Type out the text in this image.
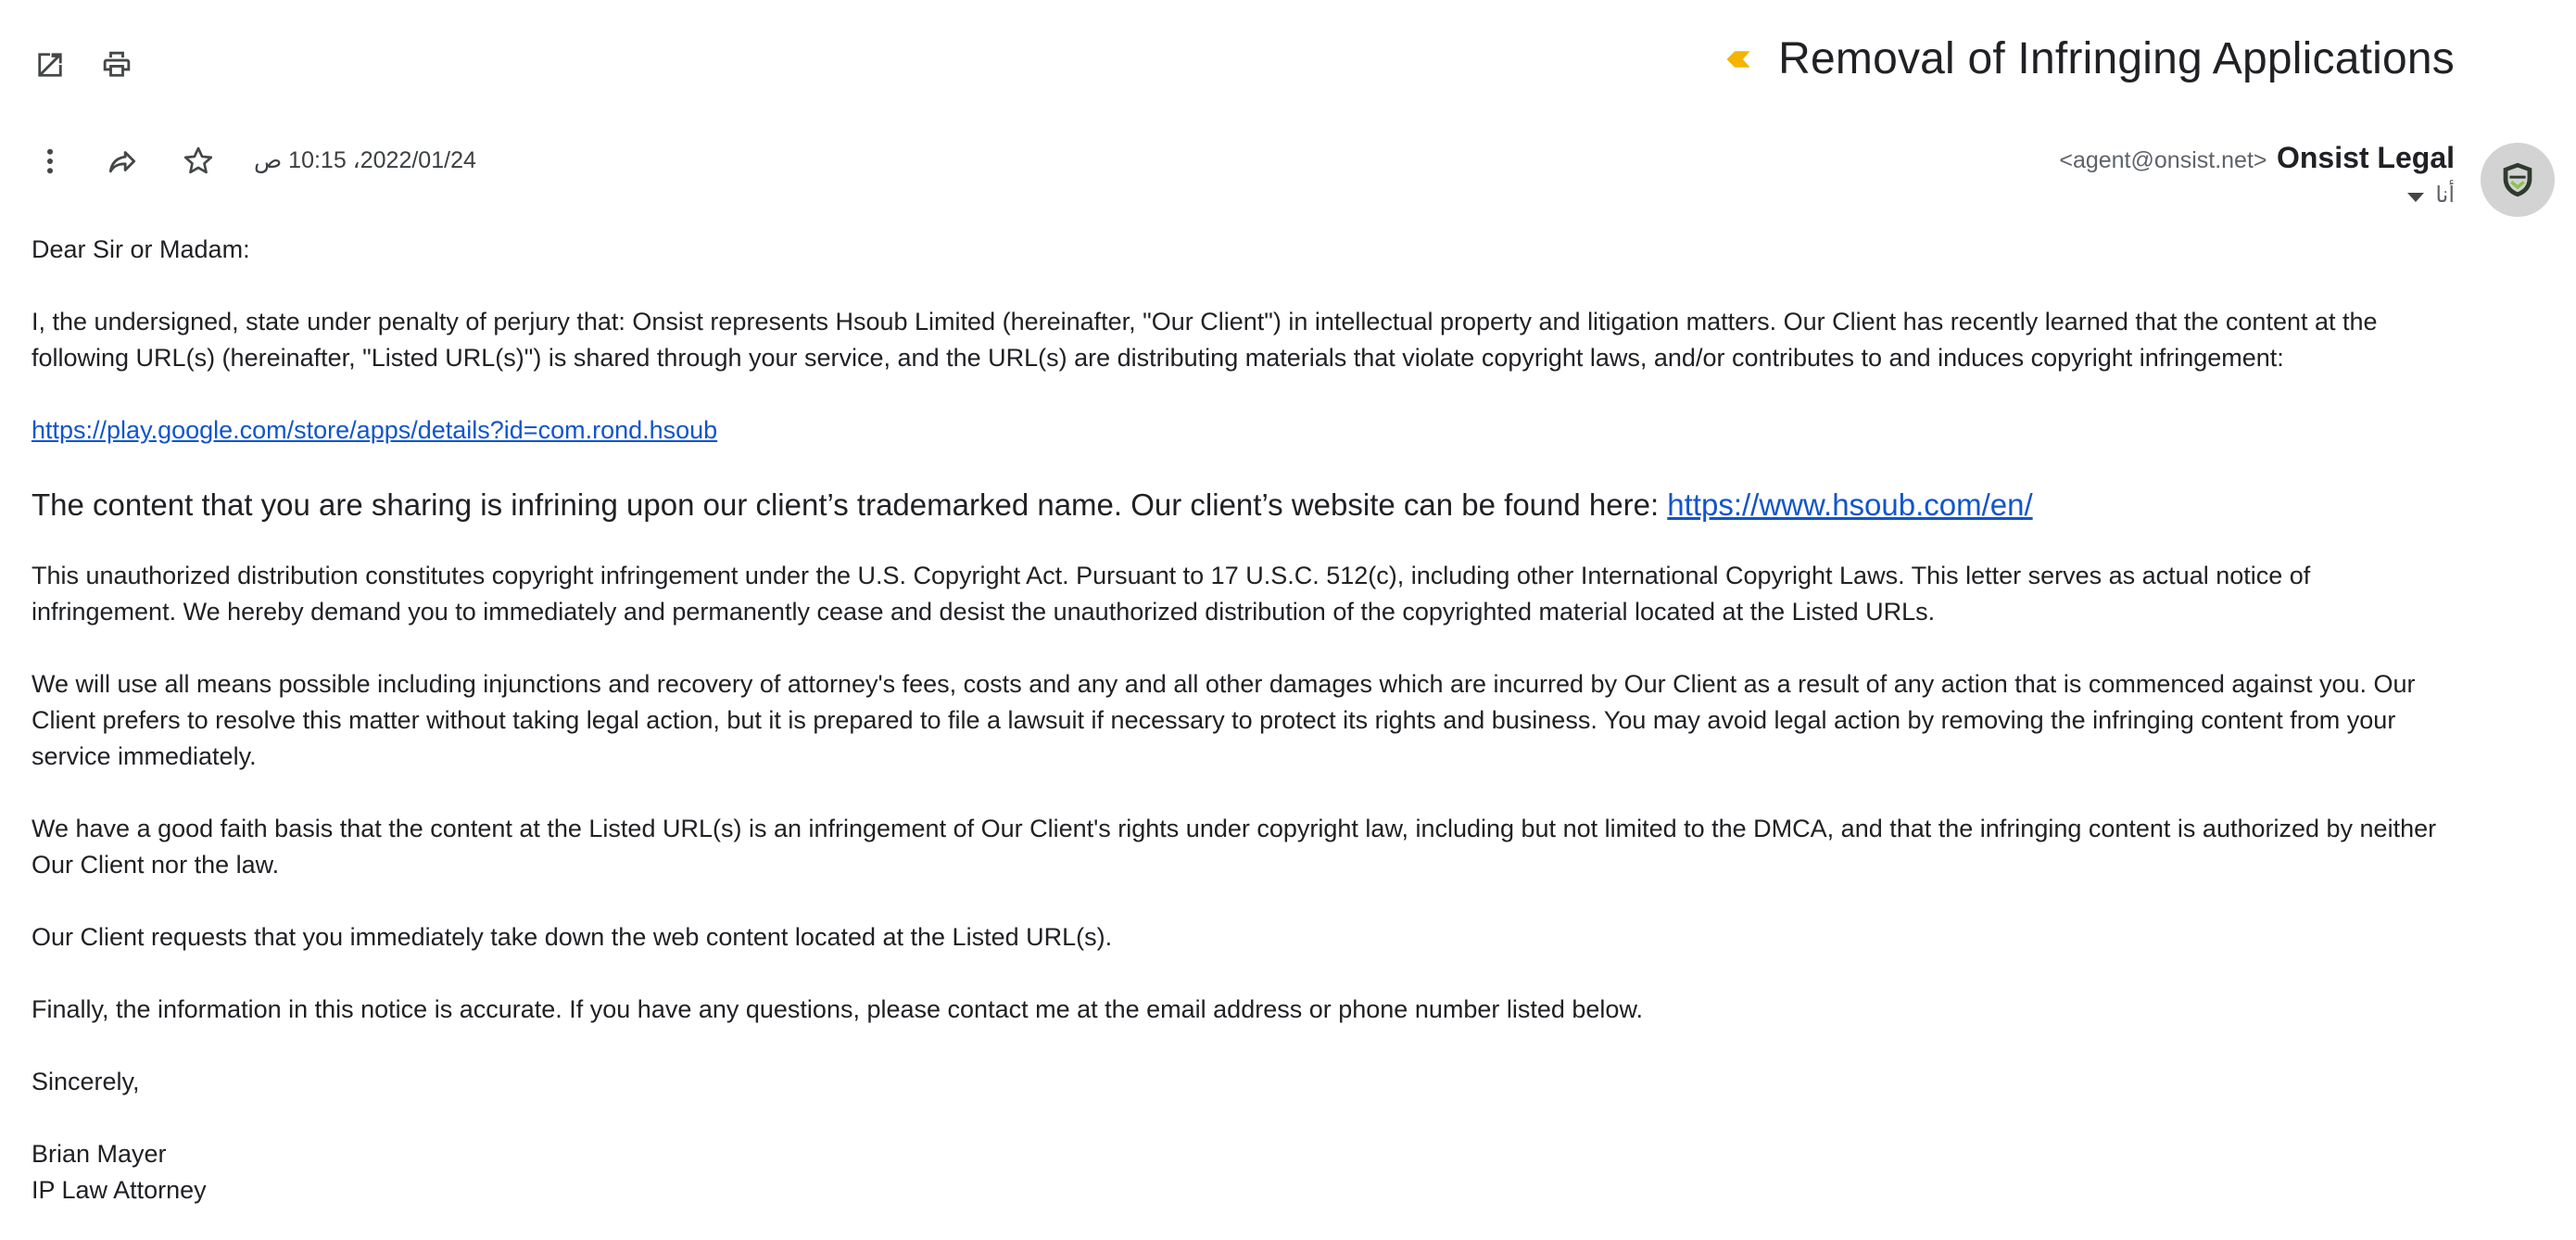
Removal of Infringing Applications
2022/01/24، 10:15 ص	<agent@onsist.net> Onsist Legal
أنا

Dear Sir or Madam:

I, the undersigned, state under penalty of perjury that: Onsist represents Hsoub Limited (hereinafter, "Our Client") in intellectual property and litigation matters. Our Client has recently learned that the content at the following URL(s) (hereinafter, "Listed URL(s)") is shared through your service, and the URL(s) are distributing materials that violate copyright laws, and/or contributes to and induces copyright infringement:

https://play.google.com/store/apps/details?id=com.rond.hsoub

The content that you are sharing is infrining upon our client’s trademarked name. Our client’s website can be found here: https://www.hsoub.com/en/

This unauthorized distribution constitutes copyright infringement under the U.S. Copyright Act. Pursuant to 17 U.S.C. 512(c), including other International Copyright Laws. This letter serves as actual notice of infringement. We hereby demand you to immediately and permanently cease and desist the unauthorized distribution of the copyrighted material located at the Listed URLs.

We will use all means possible including injunctions and recovery of attorney's fees, costs and any and all other damages which are incurred by Our Client as a result of any action that is commenced against you. Our Client prefers to resolve this matter without taking legal action, but it is prepared to file a lawsuit if necessary to protect its rights and business. You may avoid legal action by removing the infringing content from your service immediately.

We have a good faith basis that the content at the Listed URL(s) is an infringement of Our Client's rights under copyright law, including but not limited to the DMCA, and that the infringing content is authorized by neither Our Client nor the law.

Our Client requests that you immediately take down the web content located at the Listed URL(s).

Finally, the information in this notice is accurate. If you have any questions, please contact me at the email address or phone number listed below.

Sincerely,

Brian Mayer

IP Law Attorney
